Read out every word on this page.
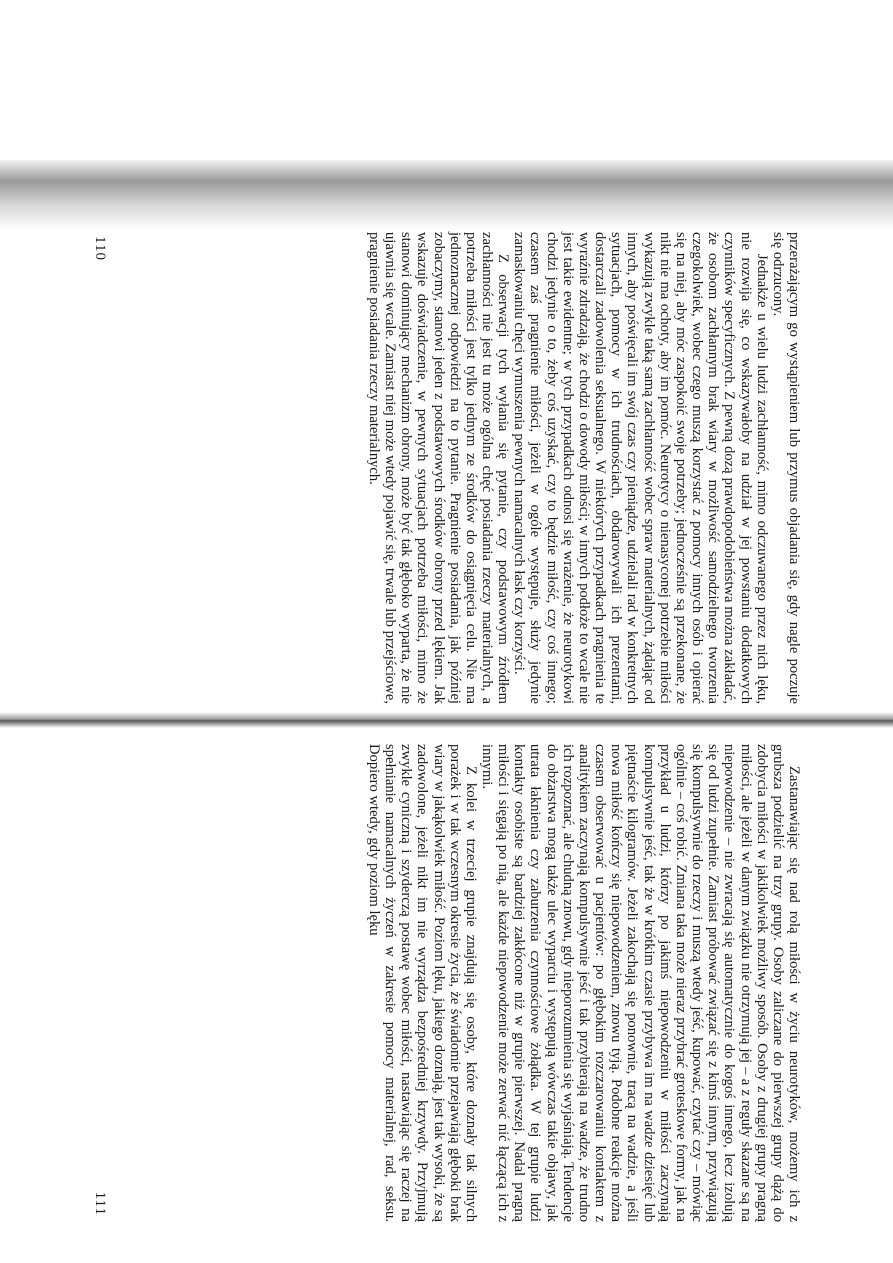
przerażającym go wystąpieniem lub przymus objadania się, gdy nagle poczuje się odrzucony.

Jednakże u wielu ludzi zachłanność, mimo odczuwanego przez nich lęku, nie rozwija się, co wskazywałoby na udział w jej powstaniu dodatkowych czynników specyficznych. Z pewną dozą prawdopodobieństwa można zakładać, że osobom zachłannym brak wiary w możliwość samodzielnego tworzenia czegokolwiek, wobec czego muszą korzystać z pomocy innych osób i opierać się na niej, aby móc zaspokoić swoje potrzeby; jednocześnie są przekonane, że nikt nie ma ochoty, aby im pomóc. Neurotycy o nienasyconej potrzebie miłości wykazują zwykle taką samą zachłanność wobec spraw materialnych, żądając od innych, aby poświęcali im swój czas czy pieniądze, udzielali rad w konkretnych sytuacjach, pomocy w ich trudnościach, obdarowywali ich prezentami, dostarczali zadowolenia seksualnego. W niektórych przypadkach pragnienia te wyraźnie zdradzają, że chodzi o dowody miłości; w innych podłoże to wcale nie jest takie ewidentne; w tych przypadkach odnosi się wrażenie, że neurotykowi chodzi jedynie o to, żeby coś uzyskać, czy to będzie miłość, czy coś innego; czasem zaś pragnienie miłości, jeżeli w ogóle występuje, służy jedynie zamaskowaniu chęci wymuszenia pewnych namacalnych łask czy korzyści.

Z obserwacji tych wyłania się pytanie, czy podstawowym źródłem zachłanności nie jest tu może ogólna chęć posiadania rzeczy materialnych, a potrzeba miłości jest tylko jednym ze środków do osiągnięcia celu. Nie ma jednoznacznej odpowiedzi na to pytanie. Pragnienie posiadania, jak później zobaczymy, stanowi jeden z podstawowych środków obrony przed lękiem. Jak wskazuje doświadczenie, w pewnych sytuacjach potrzeba miłości, mimo że stanowi dominujący mechanizm obrony, może być tak głęboko wyparta, że nie ujawnia się wcale. Zamiast niej może wtedy pojawić się, trwale lub przejściowe, pragnienie posiadania rzeczy materialnych.

110

Zastanawiając się nad rolą miłości w życiu neurotyków, możemy ich z grubsza podzielić na trzy grupy. Osoby zaliczane do pierwszej grupy dążą do zdobycia miłości w jakikolwiek możliwy sposób. Osoby z drugiej grupy pragną miłości, ale jeżeli w danym związku nie otrzymują jej – a z reguły skazane są na niepowodzenie – nie zwracają się automatycznie do kogoś innego, lecz izolują się od ludzi zupełnie. Zamiast próbować związać się z kimś innym, przywiązują się kompulsywnie do rzeczy i muszą wtedy jeść, kupować, czytać czy – mówiąc ogólnie – coś robić. Zmiana taka może nieraz przybrać groteskowe formy, jak na przykład u ludzi, którzy po jakimś niepowodzeniu w miłości zaczynają kompulsywnie jeść, tak że w krótkim czasie przybywa im na wadze dziesięć lub piętnaście kilogramów. Jeżeli zakochają się ponownie, tracą na wadzie, a jeśli nowa miłość kończy się niepowodzeniem, znowu tyją. Podobne reakcje można czasem obserwować u pacjentów: po głębokim rozczarowaniu kontaktem z analitykiem zaczynają kompulsywnie jeść i tak przybierają na wadze, że trudno ich rozpoznać, ale chudną znowu, gdy nieporozumienia się wyjaśniają. Tendencje do obżarstwa mogą także ulec wyparciu i występują wówczas takie objawy, jak utrata łaknienia czy zaburzenia czynnościowe żołądka. W tej grupie ludzi kontakty osobiste są bardziej zakłócone niż w grupie pierwszej. Nadal pragną miłości i sięgają po nią, ale każde niepowodzenie może zerwać nić łączącą ich z innymi.

Z kolei w trzeciej grupie znajdują się osoby, które doznały tak silnych porażek i w tak wczesnym okresie życia, że świadomie przejawiają głęboki brak wiary w jakąkolwiek miłość. Poziom lęku, jakiego doznają, jest tak wysoki, że są zadowolone, jeżeli nikt im nie wyrządza bezpośredniej krzywdy. Przyjmują zwykle cyniczną i szyderczą postawę wobec miłości, nastawiając się raczej na spełnianie namacalnych życzeń w zakresie pomocy materialnej, rad, seksu. Dopiero wtedy, gdy poziom lęku

111
